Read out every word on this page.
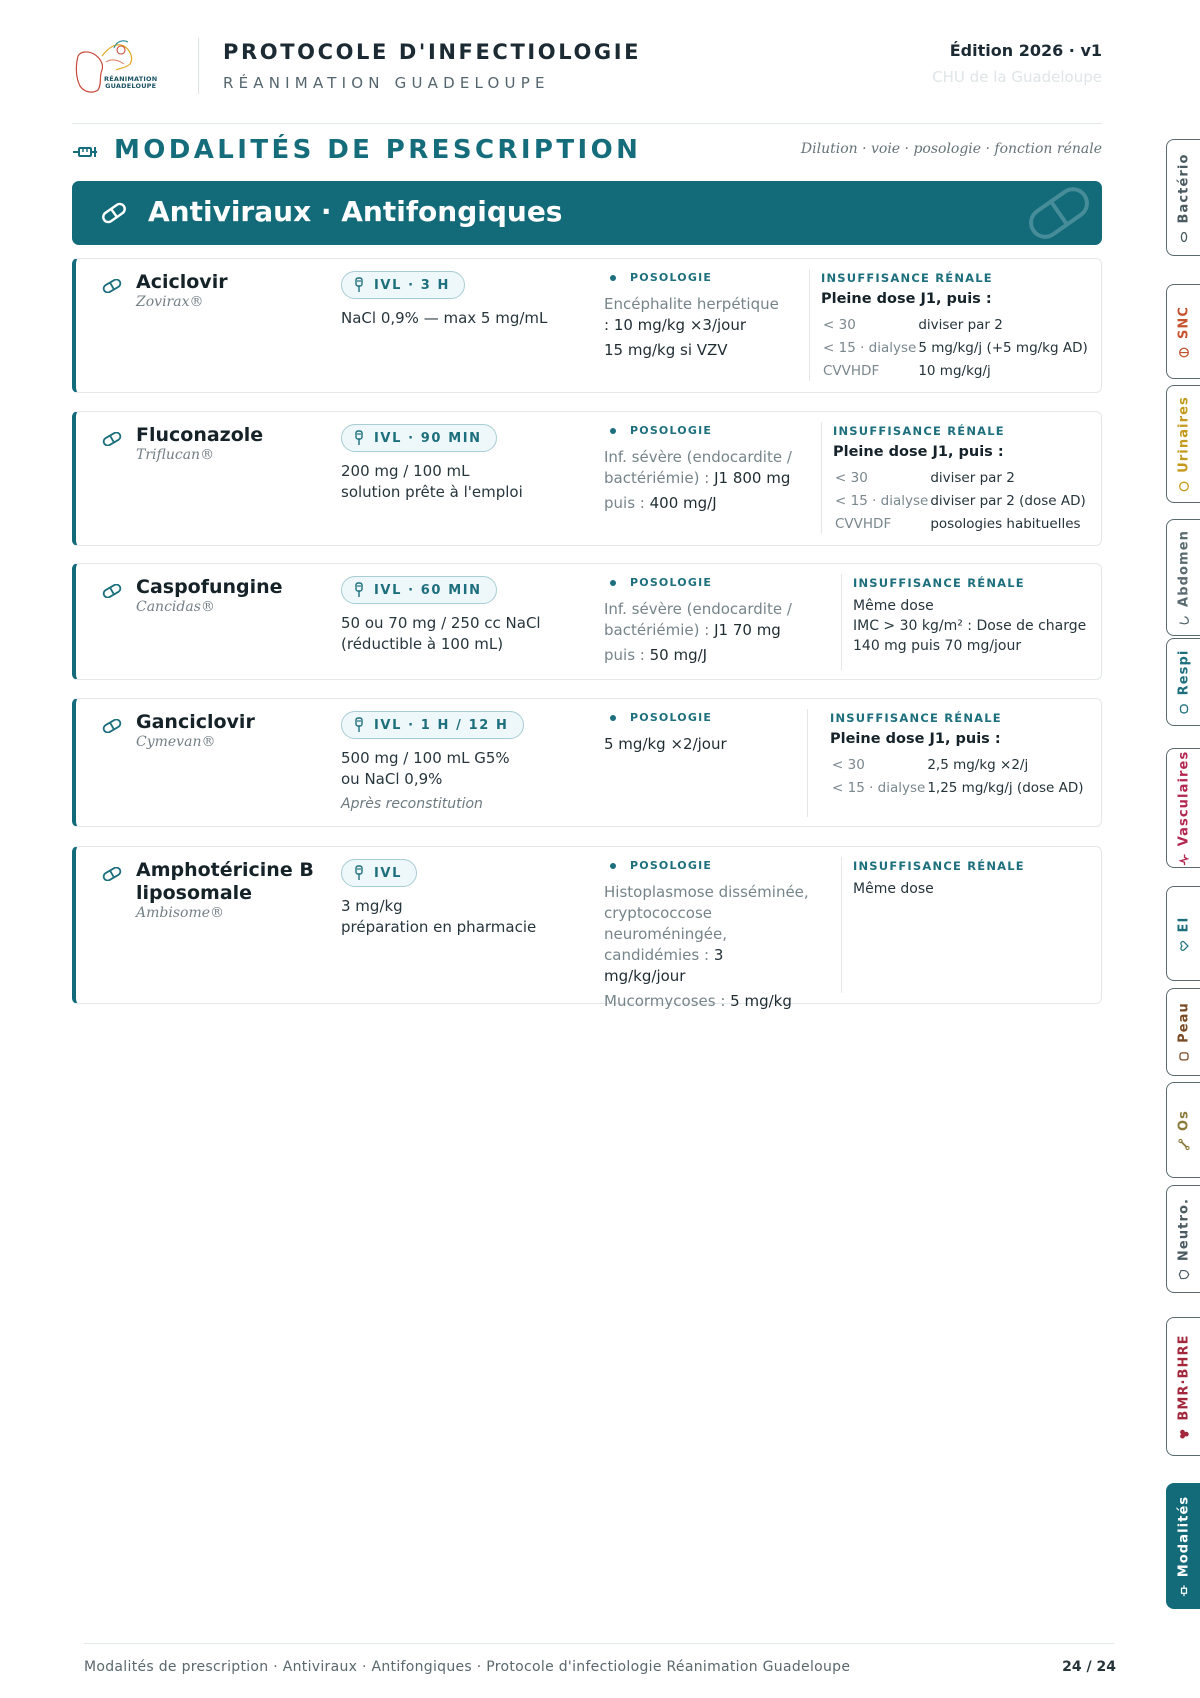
RÉANIMATION
GUADELOUPE
PROTOCOLE D'INFECTIOLOGIE
RÉANIMATION GUADELOUPE
Édition 2026 · v1
CHU de la Guadeloupe
MODALITÉS DE PRESCRIPTION	Dilution · voie · posologie · fonction rénale
Antiviraux · Antifongiques
Aciclovir
Zovirax®
IVL · 3 H
NaCl 0,9% — max 5 mg/mL
POSOLOGIE
Encéphalite herpétique
: 10 mg/kg ×3/jour
15 mg/kg si VZV
INSUFFISANCE RÉNALE
Pleine dose J1, puis :
< 30	diviser par 2
< 15 · dialyse	5 mg/kg/j (+5 mg/kg AD)
CVVHDF	10 mg/kg/j
Fluconazole
Triflucan®
IVL · 90 MIN
200 mg / 100 mL
solution prête à l'emploi
POSOLOGIE
Inf. sévère (endocardite /
bactériémie) : J1 800 mg
puis : 400 mg/J
INSUFFISANCE RÉNALE
Pleine dose J1, puis :
< 30	diviser par 2
< 15 · dialyse	diviser par 2 (dose AD)
CVVHDF	posologies habituelles
Caspofungine
Cancidas®
IVL · 60 MIN
50 ou 70 mg / 250 cc NaCl
(réductible à 100 mL)
POSOLOGIE
Inf. sévère (endocardite /
bactériémie) : J1 70 mg
puis : 50 mg/J
INSUFFISANCE RÉNALE
Même dose
IMC > 30 kg/m² : Dose de charge
140 mg puis 70 mg/jour
Ganciclovir
Cymevan®
IVL · 1 H / 12 H
500 mg / 100 mL G5%
ou NaCl 0,9%
Après reconstitution
POSOLOGIE
5 mg/kg ×2/jour
INSUFFISANCE RÉNALE
Pleine dose J1, puis :
< 30	2,5 mg/kg ×2/j
< 15 · dialyse	1,25 mg/kg/j (dose AD)
Amphotéricine B liposomale
Ambisome®
IVL
3 mg/kg
préparation en pharmacie
POSOLOGIE
Histoplasmose disséminée,
cryptococcose
neuroméningée,
candidémies : 3 mg/kg/jour
Mucormycoses : 5 mg/kg
INSUFFISANCE RÉNALE
Même dose
Bactério
SNC
Urinaires
Abdomen
Respi
Vasculaires
EI
Peau
Os
Neutro.
BMR·BHRE
Modalités
Modalités de prescription · Antiviraux · Antifongiques · Protocole d'infectiologie Réanimation Guadeloupe	24 / 24
